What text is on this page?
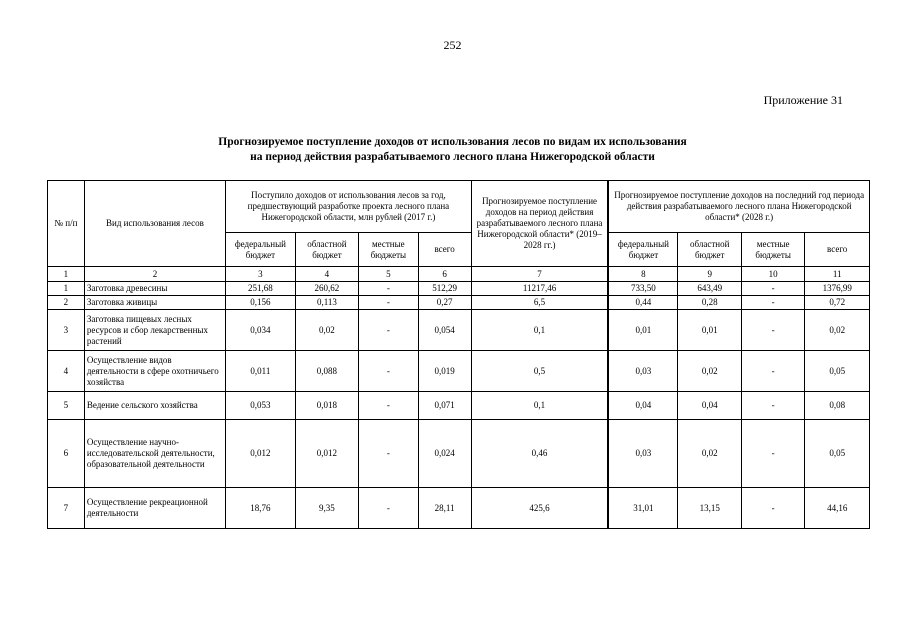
252
Приложение 31
Прогнозируемое поступление доходов от использования лесов по видам их использования
на период действия разрабатываемого лесного плана Нижегородской области
№ п/п	Вид использования лесов	Поступило доходов от использования лесов за год, предшествующий разработке проекта лесного плана Нижегородской области, млн рублей (2017 г.)				Прогнозируемое поступление доходов на период действия разрабатываемого лесного плана Нижегородской области* (2019–2028 гг.)	Прогнозируемое поступление доходов на последний год периода действия разрабатываемого лесного плана Нижегородской области* (2028 г.)			
		федеральный бюджет	областной бюджет	местные бюджеты	всего		федеральный бюджет	областной бюджет	местные бюджеты	всего
1	2	3	4	5	6	7	8	9	10	11
1	Заготовка древесины	251,68	260,62	-	512,29	11217,46	733,50	643,49	-	1376,99
2	Заготовка живицы	0,156	0,113	-	0,27	6,5	0,44	0,28	-	0,72
3	Заготовка пищевых лесных ресурсов и сбор лекарственных растений	0,034	0,02	-	0,054	0,1	0,01	0,01	-	0,02
4	Осуществление видов деятельности в сфере охотничьего хозяйства	0,011	0,088	-	0,019	0,5	0,03	0,02	-	0,05
5	Ведение сельского хозяйства	0,053	0,018	-	0,071	0,1	0,04	0,04	-	0,08
6	Осуществление научно-исследовательской деятельности, образовательной деятельности	0,012	0,012	-	0,024	0,46	0,03	0,02	-	0,05
7	Осуществление рекреационной деятельности	18,76	9,35	-	28,11	425,6	31,01	13,15	-	44,16
